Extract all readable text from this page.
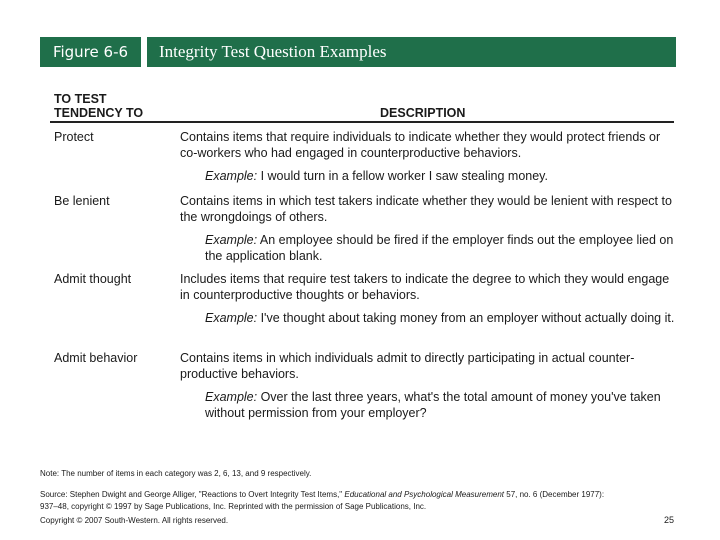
Figure 6-6	Integrity Test Question Examples
TO TEST
TENDENCY TO	DESCRIPTION
Protect	Contains items that require individuals to indicate whether they would protect friends or co-workers who had engaged in counterproductive behaviors.
Example: I would turn in a fellow worker I saw stealing money.
Be lenient	Contains items in which test takers indicate whether they would be lenient with respect to the wrongdoings of others.
Example: An employee should be fired if the employer finds out the employee lied on the application blank.
Admit thought	Includes items that require test takers to indicate the degree to which they would engage in counterproductive thoughts or behaviors.
Example: I've thought about taking money from an employer without actually doing it.
Admit behavior	Contains items in which individuals admit to directly participating in actual counter-productive behaviors.
Example: Over the last three years, what's the total amount of money you've taken without permission from your employer?
Note: The number of items in each category was 2, 6, 13, and 9 respectively.
Source: Stephen Dwight and George Alliger, "Reactions to Overt Integrity Test Items," Educational and Psychological Measurement 57, no. 6 (December 1977): 937–48, copyright © 1997 by Sage Publications, Inc. Reprinted with the permission of Sage Publications, Inc.
Copyright © 2007 South-Western. All rights reserved.	25
